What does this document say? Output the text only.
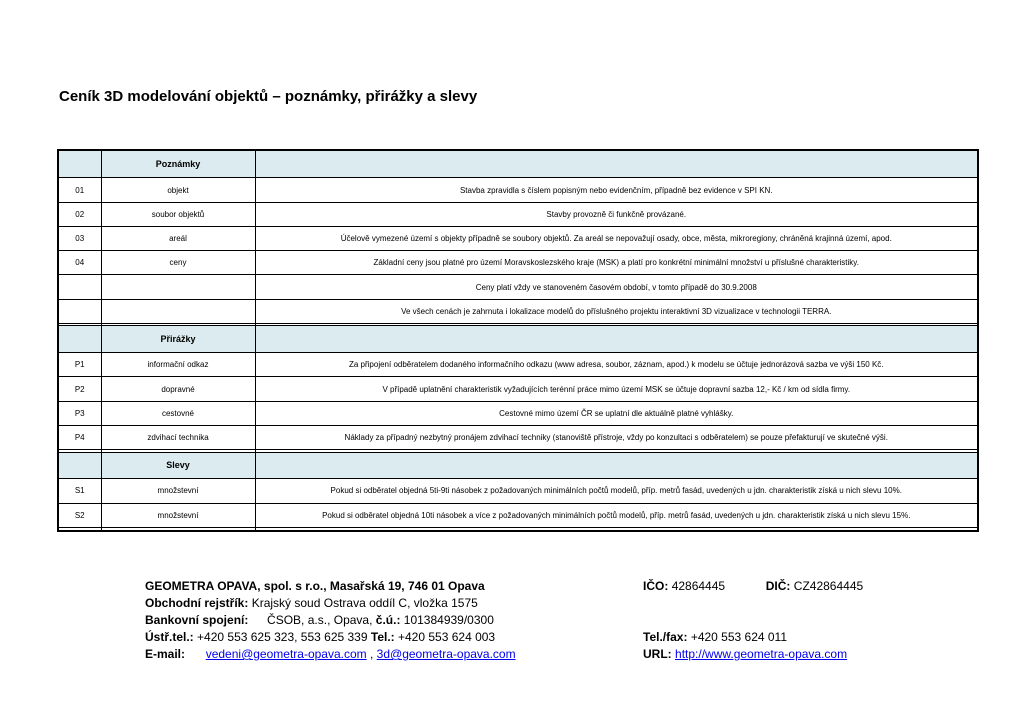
Ceník 3D modelování objektů – poznámky, přirážky a slevy
	Poznámky	
01	objekt	Stavba zpravidla s číslem popisným nebo evidenčním, případně bez evidence v SPI KN.
02	soubor objektů	Stavby provozně či funkčně provázané.
03	areál	Účelově vymezené území s objekty případně se soubory objektů. Za areál se nepovažují osady, obce, města, mikroregiony, chráněná krajinná území, apod.
04	ceny	Základní ceny jsou platné pro území Moravskoslezského kraje (MSK) a platí pro konkrétní minimální množství u příslušné charakteristiky.
		Ceny platí vždy ve stanoveném časovém období, v tomto případě do 30.9.2008
		Ve všech cenách je zahrnuta i lokalizace modelů do příslušného projektu interaktivní 3D vizualizace v technologii TERRA.

	Přirážky	
P1	informační odkaz	Za připojení odběratelem dodaného informačního odkazu (www adresa, soubor, záznam, apod.) k modelu se účtuje jednorázová sazba ve výši 150 Kč.
P2	dopravné	V případě uplatnění charakteristik vyžadujících terénní práce mimo území MSK se účtuje dopravní sazba 12,- Kč / km od sídla firmy.
P3	cestovné	Cestovné mimo území ČR se uplatní dle aktuálně platné vyhlášky.
P4	zdvihací technika	Náklady za případný nezbytný pronájem zdvihací techniky (stanoviště přístroje, vždy po konzultaci s odběratelem) se pouze přefakturují ve skutečné výši.

	Slevy	
S1	množstevní	Pokud si odběratel objedná 5ti-9ti násobek z požadovaných minimálních počtů modelů, příp. metrů fasád, uvedených u jdn. charakteristik získá u nich slevu 10%.
S2	množstevní	Pokud si odběratel objedná 10ti násobek a více z požadovaných minimálních počtů modelů, příp. metrů fasád, uvedených u jdn. charakteristik získá u nich slevu 15%.

GEOMETRA OPAVA, spol. s r.o., Masařská 19, 746 01 Opava	IČO: 42864445	DIČ: CZ42864445
Obchodní rejstřík: Krajský soud Ostrava oddíl C, vložka 1575
Bankovní spojení: ČSOB, a.s., Opava, č.ú.: 101384939/0300
Ústř.tel.: +420 553 625 323, 553 625 339 Tel.: +420 553 624 003	Tel./fax: +420 553 624 011
E-mail: vedeni@geometra-opava.com , 3d@geometra-opava.com	URL: http://www.geometra-opava.com
